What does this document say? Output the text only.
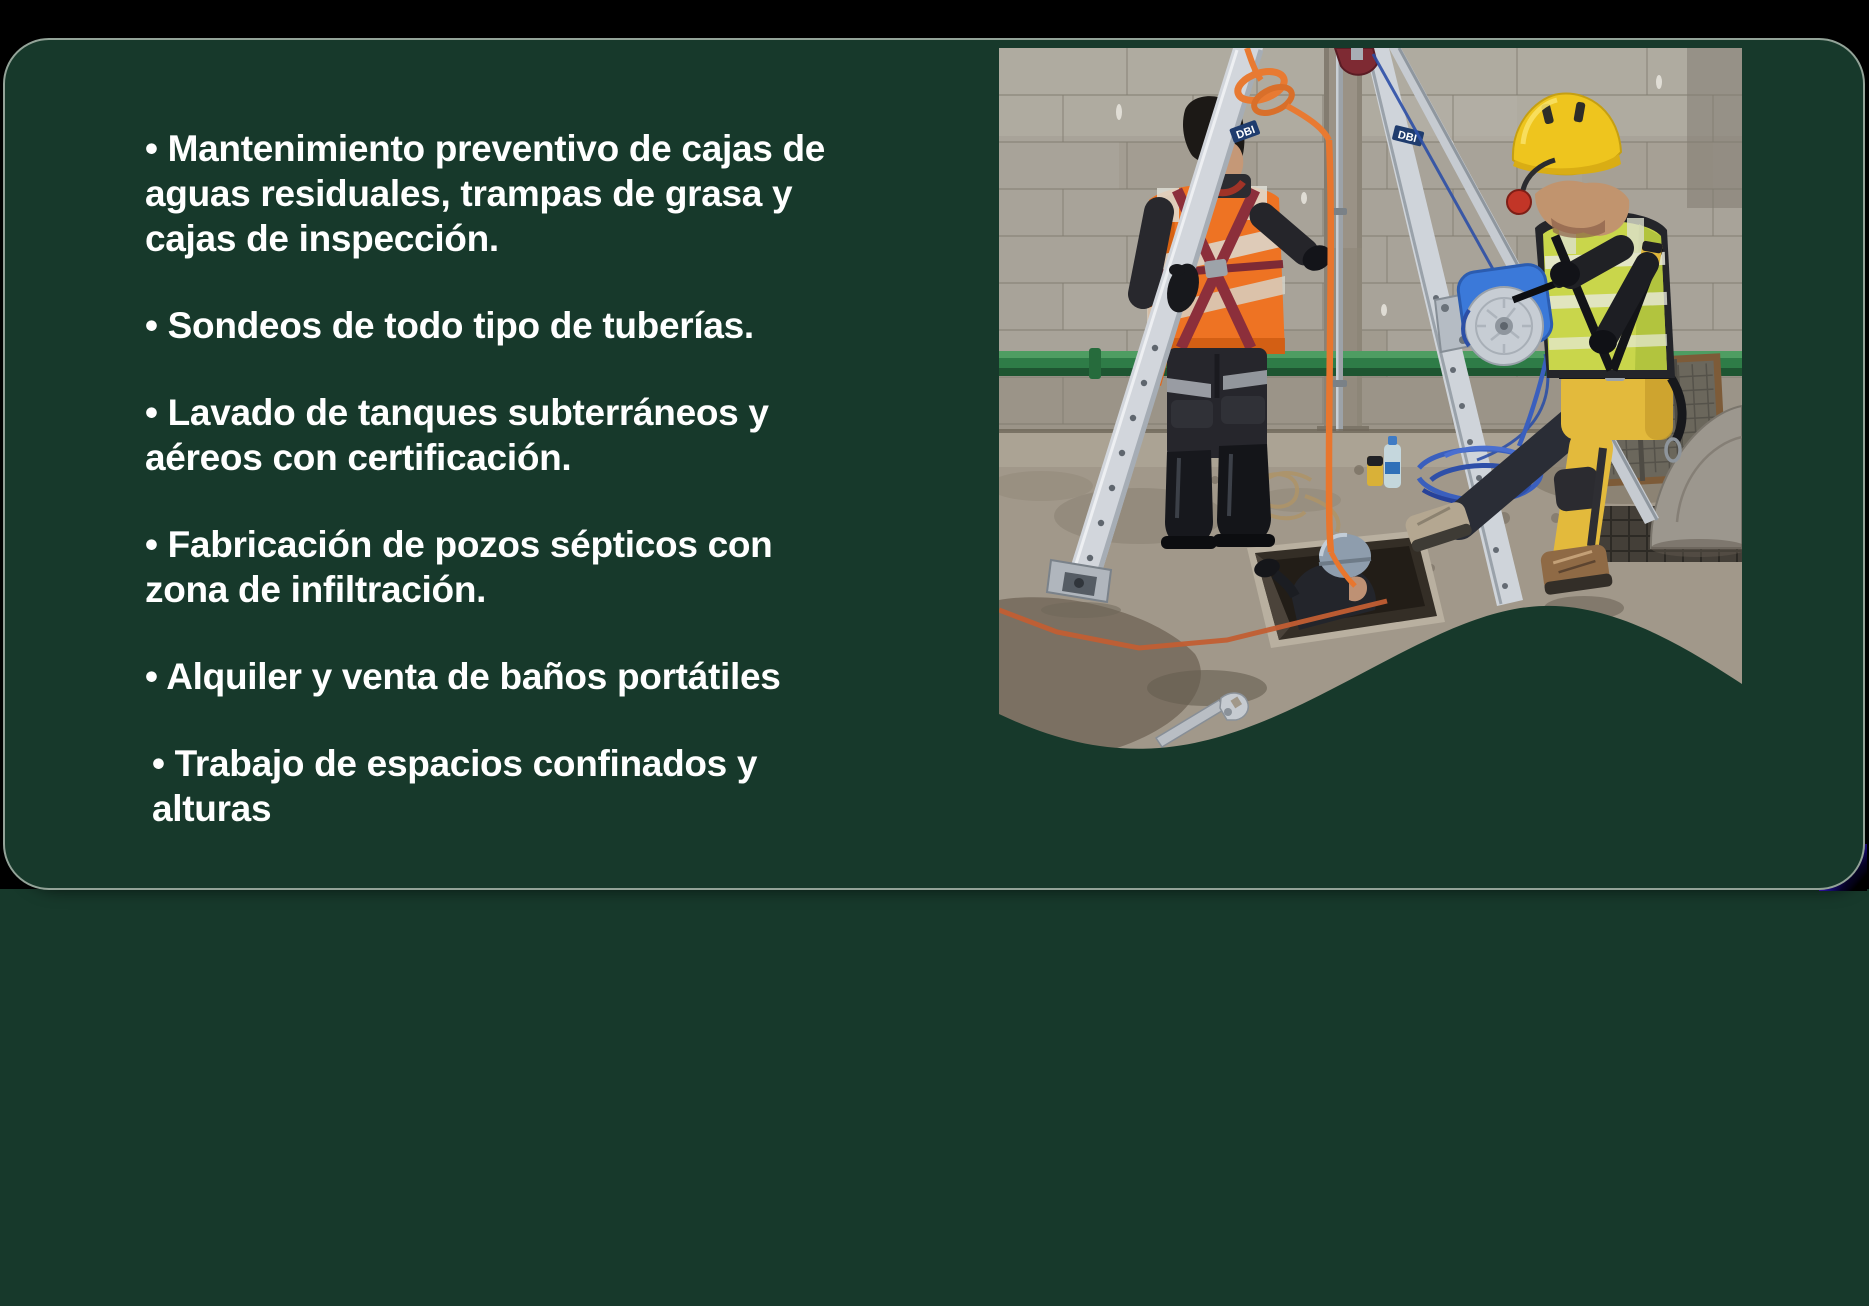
• Mantenimiento preventivo de cajas de
aguas residuales, trampas de grasa y
cajas de inspección.

• Sondeos de todo tipo de tuberías.

• Lavado de tanques subterráneos y
aéreos con certificación.

• Fabricación de pozos sépticos con
zona de infiltración.

• Alquiler y venta de baños portátiles

• Trabajo de espacios confinados y
alturas

DBI
DBI
